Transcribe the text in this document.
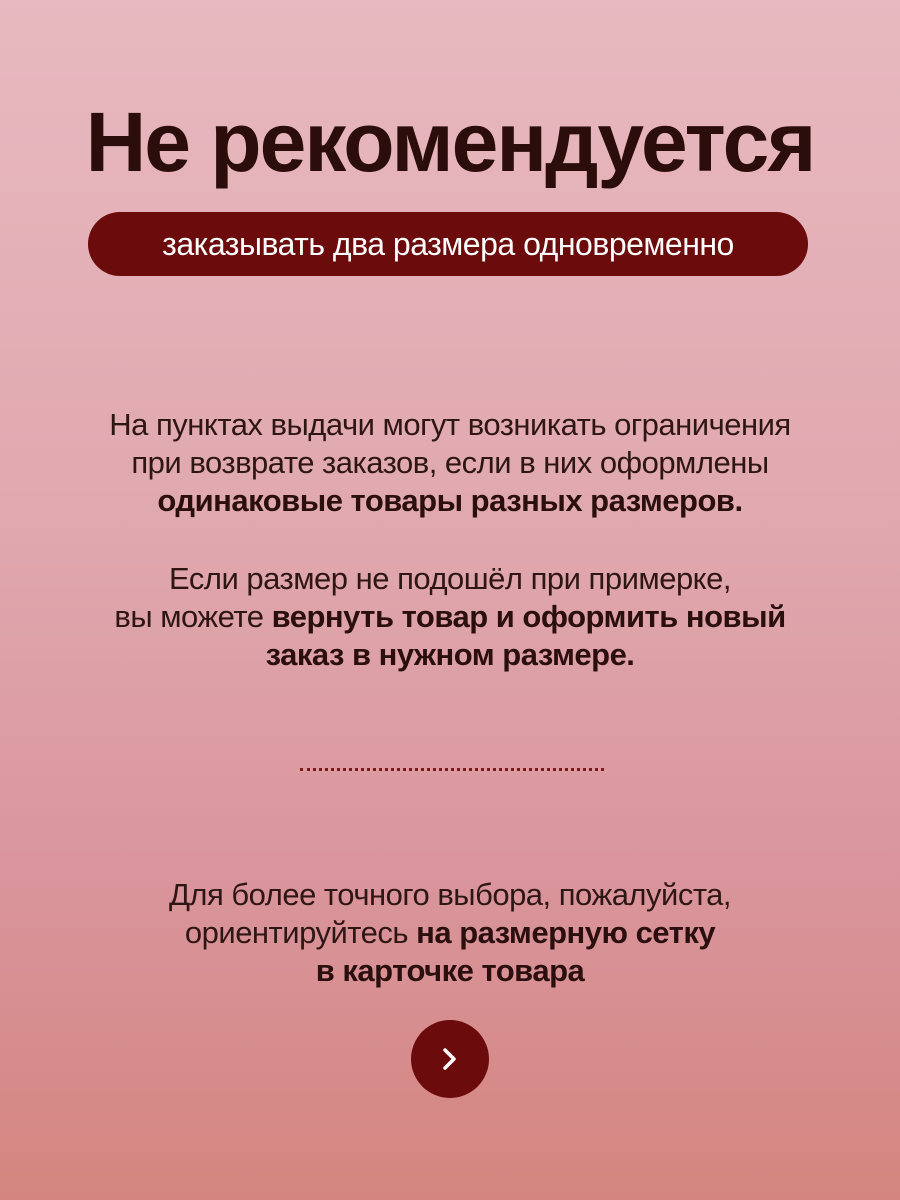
Не рекомендуется
заказывать два размера одновременно
На пунктах выдачи могут возникать ограничения
при возврате заказов, если в них оформлены
одинаковые товары разных размеров.
Если размер не подошёл при примерке,
вы можете вернуть товар и оформить новый
заказ в нужном размере.
Для более точного выбора, пожалуйста,
ориентируйтесь на размерную сетку
в карточке товара
